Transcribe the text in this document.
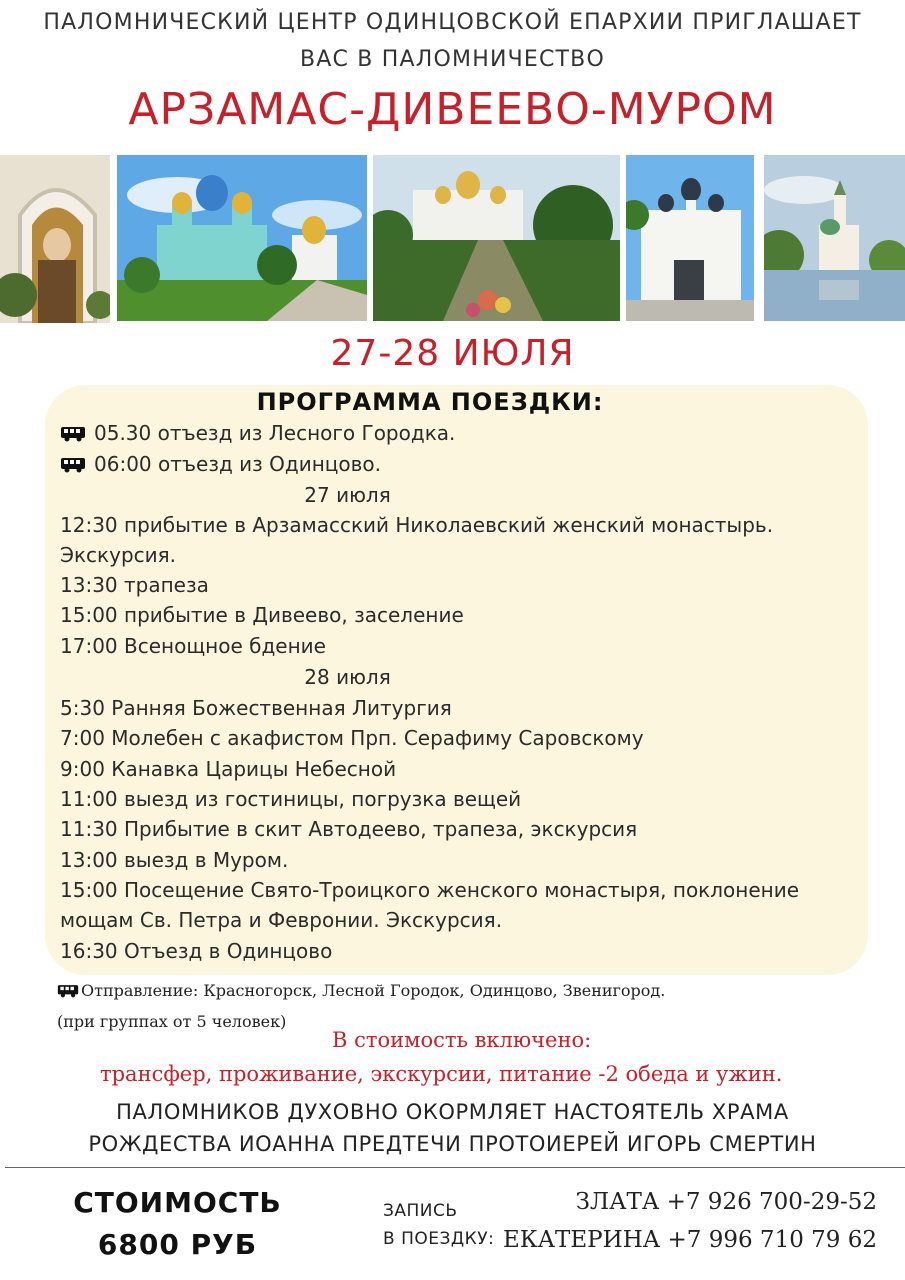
ПАЛОМНИЧЕСКИЙ ЦЕНТР ОДИНЦОВСКОЙ ЕПАРХИИ ПРИГЛАШАЕТ
ВАС В ПАЛОМНИЧЕСТВО
АРЗАМАС-ДИВЕЕВО-МУРОМ
27-28 ИЮЛЯ
ПРОГРАММА ПОЕЗДКИ:
05.30 отъезд из Лесного Городка.
06:00 отъезд из Одинцово.
27 июля
12:30 прибытие в Арзамасский Николаевский женский монастырь.
Экскурсия.
13:30 трапеза
15:00 прибытие в Дивеево, заселение
17:00 Всенощное бдение
28 июля
5:30 Ранняя Божественная Литургия
7:00 Молебен с акафистом Прп. Серафиму Саровскому
9:00 Канавка Царицы Небесной
11:00 выезд из гостиницы, погрузка вещей
11:30 Прибытие в скит Автодеево, трапеза, экскурсия
13:00 выезд в Муром.
15:00 Посещение Свято-Троицкого женского монастыря, поклонение
мощам Св. Петра и Февронии. Экскурсия.
16:30 Отъезд в Одинцово
Отправление: Красногорск, Лесной Городок, Одинцово, Звенигород.
(при группах от 5 человек)
В стоимость включено:
трансфер, проживание, экскурсии, питание -2 обеда и ужин.
ПАЛОМНИКОВ ДУХОВНО ОКОРМЛЯЕТ НАСТОЯТЕЛЬ ХРАМА
РОЖДЕСТВА ИОАННА ПРЕДТЕЧИ ПРОТОИЕРЕЙ ИГОРЬ СМЕРТИН
СТОИМОСТЬ
6800 РУБ
ЗАПИСЬ
В ПОЕЗДКУ:
ЗЛАТА +7 926 700-29-52
ЕКАТЕРИНА +7 996 710 79 62
